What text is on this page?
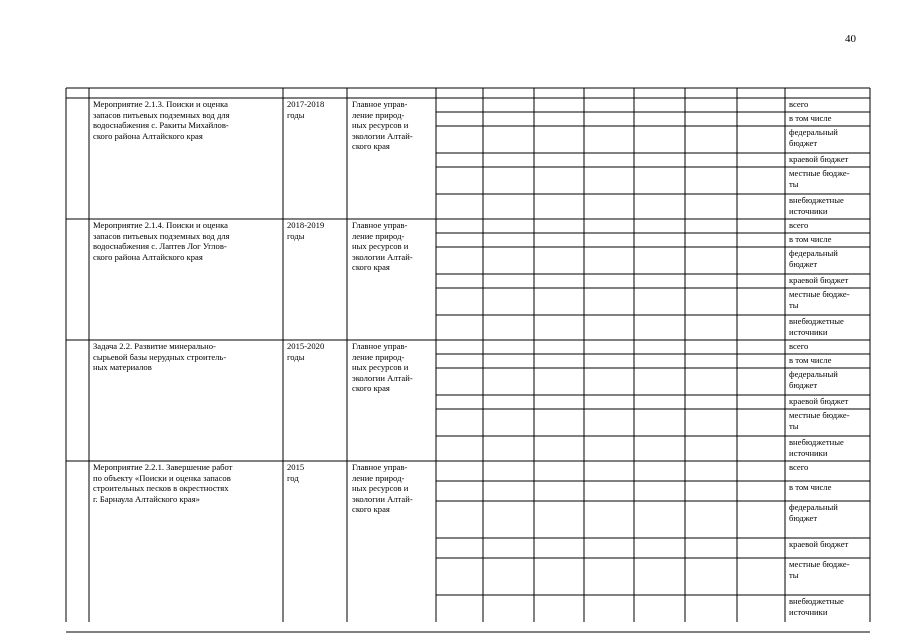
40
Мероприятие 2.1.3. Поиски и оценка
запасов питьевых подземных вод для
водоснабжения с. Ракиты Михайлов-
ского района Алтайского края
2017-2018
годы
Главное управ-
ление природ-
ных ресурсов и
экологии Алтай-
ского края
всего
в том числе
федеральный
бюджет
краевой бюджет
местные бюдже-
ты
внебюджетные
источники
Мероприятие 2.1.4. Поиски и оценка
запасов питьевых подземных вод для
водоснабжения с. Лаптев Лог Углов-
ского района Алтайского края
2018-2019
годы
Главное управ-
ление природ-
ных ресурсов и
экологии Алтай-
ского края
всего
в том числе
федеральный
бюджет
краевой бюджет
местные бюдже-
ты
внебюджетные
источники
Задача 2.2. Развитие минерально-
сырьевой базы нерудных строитель-
ных материалов
2015-2020
годы
Главное управ-
ление природ-
ных ресурсов и
экологии Алтай-
ского края
всего
в том числе
федеральный
бюджет
краевой бюджет
местные бюдже-
ты
внебюджетные
источники
Мероприятие 2.2.1. Завершение работ
по объекту «Поиски и оценка запасов
строительных песков в окрестностях
г. Барнаула Алтайского края»
2015
год
Главное управ-
ление природ-
ных ресурсов и
экологии Алтай-
ского края
всего
в том числе
федеральный
бюджет
краевой бюджет
местные бюдже-
ты
внебюджетные
источники
